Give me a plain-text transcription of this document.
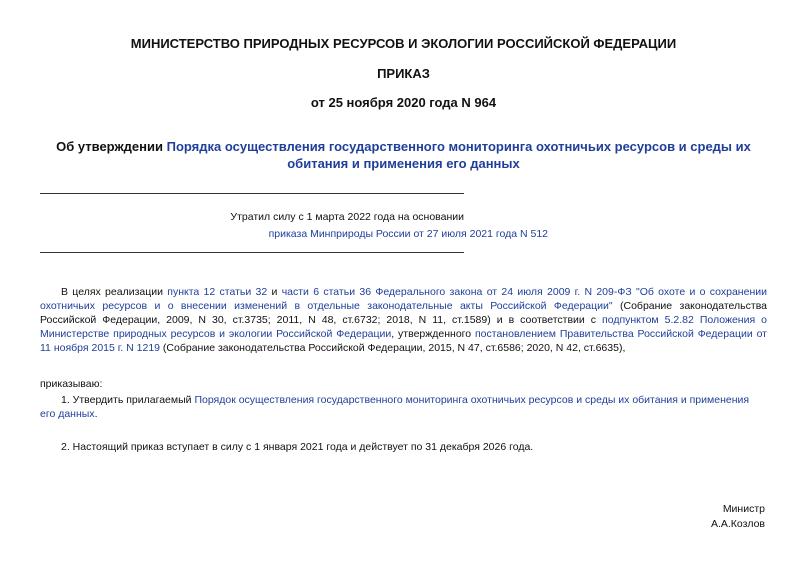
МИНИСТЕРСТВО ПРИРОДНЫХ РЕСУРСОВ И ЭКОЛОГИИ РОССИЙСКОЙ ФЕДЕРАЦИИ
ПРИКАЗ
от 25 ноября 2020 года N 964
Об утверждении Порядка осуществления государственного мониторинга охотничьих ресурсов и среды их
обитания и применения его данных
Утратил силу с 1 марта 2022 года на основании
приказа Минприроды России от 27 июля 2021 года N 512
В целях реализации пункта 12 статьи 32 и части 6 статьи 36 Федерального закона от 24 июля 2009 г. N 209-ФЗ "Об охоте и о сохранении охотничьих ресурсов и о внесении изменений в отдельные законодательные акты Российской Федерации" (Собрание законодательства Российской Федерации, 2009, N 30, ст.3735; 2011, N 48, ст.6732; 2018, N 11, ст.1589) и в соответствии с подпунктом 5.2.82 Положения о Министерстве природных ресурсов и экологии Российской Федерации, утвержденного постановлением Правительства Российской Федерации от 11 ноября 2015 г. N 1219 (Собрание законодательства Российской Федерации, 2015, N 47, ст.6586; 2020, N 42, ст.6635),
приказываю:
1. Утвердить прилагаемый Порядок осуществления государственного мониторинга охотничьих ресурсов и среды их обитания и применения его данных.
2. Настоящий приказ вступает в силу с 1 января 2021 года и действует по 31 декабря 2026 года.
Министр
А.А.Козлов
